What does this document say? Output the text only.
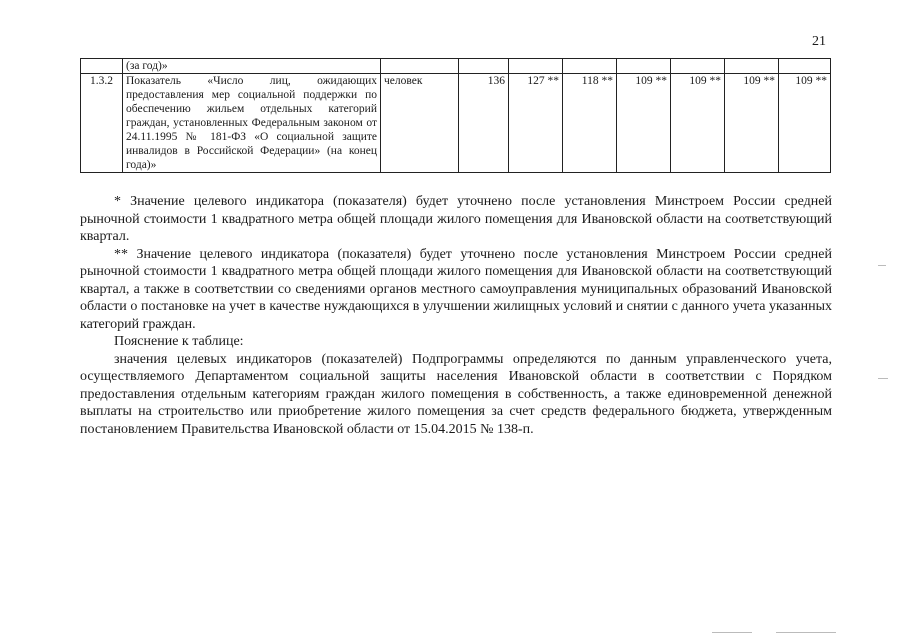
21
	(за год)»								
1.3.2	Показатель «Число лиц, ожидающих предоставления мер социальной поддержки по обеспечению жильем отдельных категорий граждан, установленных Федеральным законом от 24.11.1995 № 181-ФЗ «О социальной защите инвалидов в Российской Федерации» (на конец года)»	человек	136	127 **	118 **	109 **	109 **	109 **	109 **

* Значение целевого индикатора (показателя) будет уточнено после установления Минстроем России средней рыночной стоимости 1 квадратного метра общей площади жилого помещения для Ивановской области на соответствующий квартал.

** Значение целевого индикатора (показателя) будет уточнено после установления Минстроем России средней рыночной стоимости 1 квадратного метра общей площади жилого помещения для Ивановской области на соответствующий квартал, а также в соответствии со сведениями органов местного самоуправления муниципальных образований Ивановской области о постановке на учет в качестве нуждающихся в улучшении жилищных условий и снятии с данного учета указанных категорий граждан.

Пояснение к таблице:

значения целевых индикаторов (показателей) Подпрограммы определяются по данным управленческого учета, осуществляемого Департаментом социальной защиты населения Ивановской области в соответствии с Порядком предоставления отдельным категориям граждан жилого помещения в собственность, а также единовременной денежной выплаты на строительство или приобретение жилого помещения за счет средств федерального бюджета, утвержденным постановлением Правительства Ивановской области от 15.04.2015 № 138-п.
